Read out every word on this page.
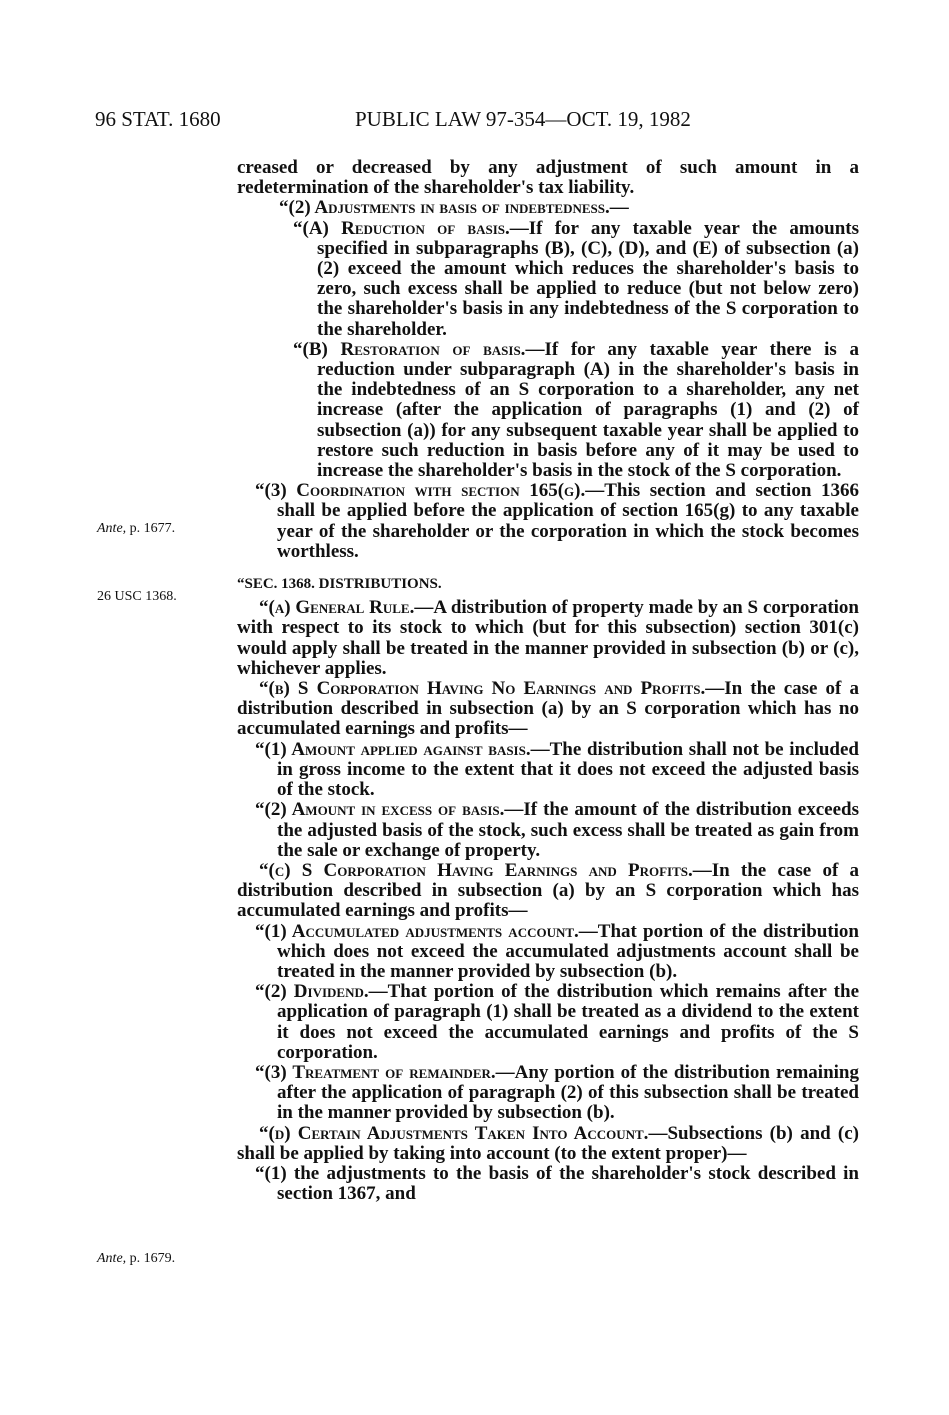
96 STAT. 1680	PUBLIC LAW 97-354—OCT. 19, 1982
Ante, p. 1677.
26 USC 1368.
Ante, p. 1679.

creased or decreased by any adjustment of such amount in a redetermination of the shareholder's tax liability.

“(2) Adjustments in basis of indebtedness.—

“(A) Reduction of basis.—If for any taxable year the amounts specified in subparagraphs (B), (C), (D), and (E) of subsection (a)(2) exceed the amount which reduces the shareholder's basis to zero, such excess shall be applied to reduce (but not below zero) the shareholder's basis in any indebtedness of the S corporation to the shareholder.

“(B) Restoration of basis.—If for any taxable year there is a reduction under subparagraph (A) in the shareholder's basis in the indebtedness of an S corporation to a shareholder, any net increase (after the application of paragraphs (1) and (2) of subsection (a)) for any subsequent taxable year shall be applied to restore such reduction in basis before any of it may be used to increase the shareholder's basis in the stock of the S corporation.

“(3) Coordination with section 165(g).—This section and section 1366 shall be applied before the application of section 165(g) to any taxable year of the shareholder or the corporation in which the stock becomes worthless.

“SEC. 1368. DISTRIBUTIONS.

“(a) General Rule.—A distribution of property made by an S corporation with respect to its stock to which (but for this subsection) section 301(c) would apply shall be treated in the manner provided in subsection (b) or (c), whichever applies.

“(b) S Corporation Having No Earnings and Profits.—In the case of a distribution described in subsection (a) by an S corporation which has no accumulated earnings and profits—

“(1) Amount applied against basis.—The distribution shall not be included in gross income to the extent that it does not exceed the adjusted basis of the stock.

“(2) Amount in excess of basis.—If the amount of the distribution exceeds the adjusted basis of the stock, such excess shall be treated as gain from the sale or exchange of property.

“(c) S Corporation Having Earnings and Profits.—In the case of a distribution described in subsection (a) by an S corporation which has accumulated earnings and profits—

“(1) Accumulated adjustments account.—That portion of the distribution which does not exceed the accumulated adjustments account shall be treated in the manner provided by subsection (b).

“(2) Dividend.—That portion of the distribution which remains after the application of paragraph (1) shall be treated as a dividend to the extent it does not exceed the accumulated earnings and profits of the S corporation.

“(3) Treatment of remainder.—Any portion of the distribution remaining after the application of paragraph (2) of this subsection shall be treated in the manner provided by subsection (b).

“(d) Certain Adjustments Taken Into Account.—Subsections (b) and (c) shall be applied by taking into account (to the extent proper)—

“(1) the adjustments to the basis of the shareholder's stock described in section 1367, and
